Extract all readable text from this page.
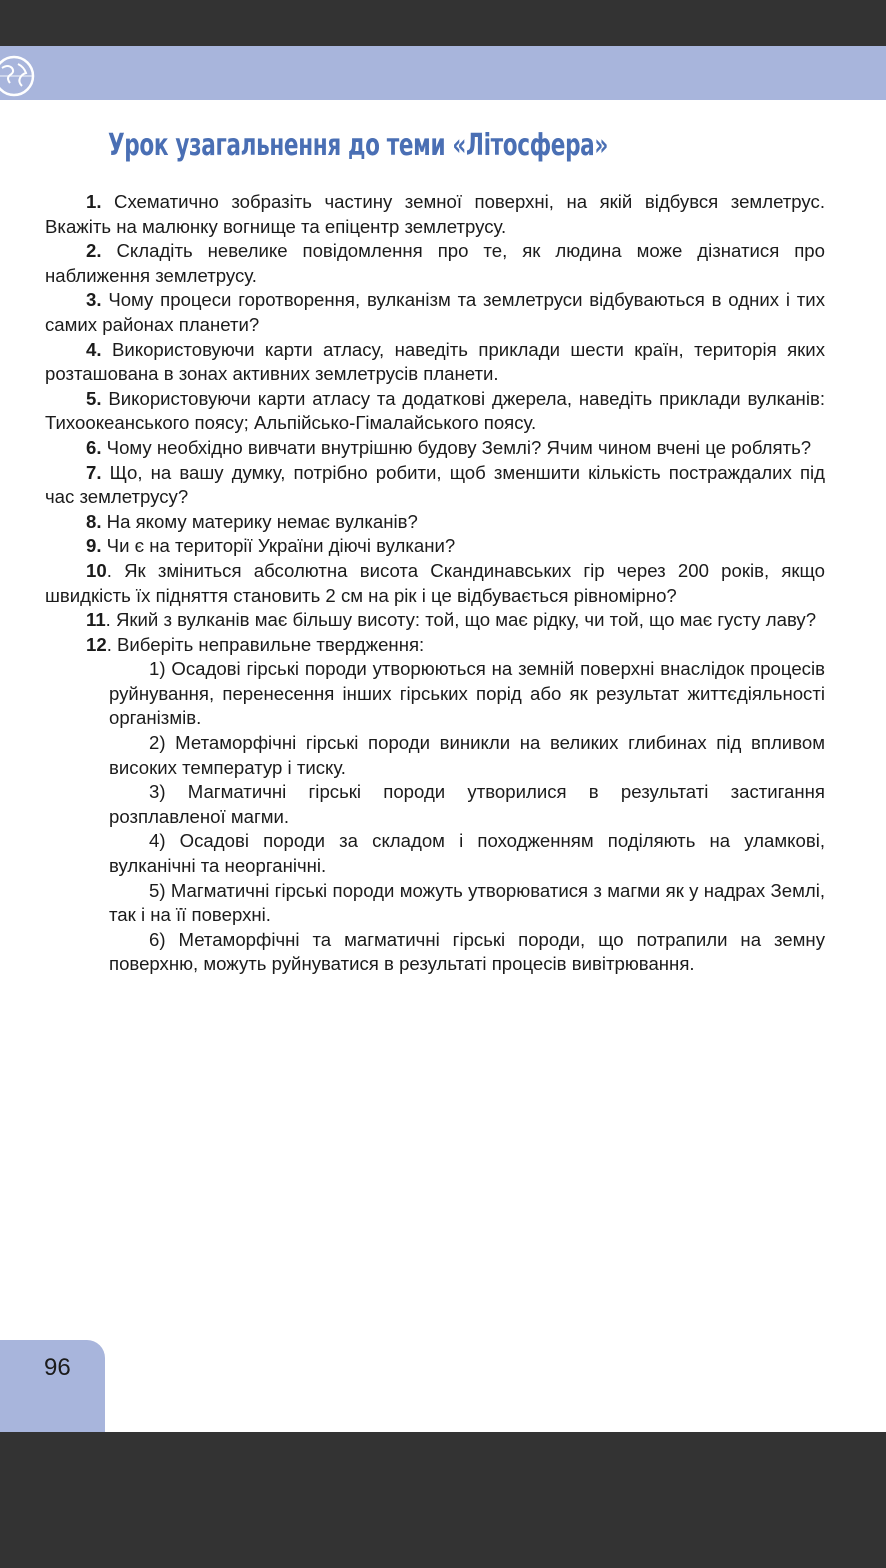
Урок узагальнення до теми «Літосфера»

1. Схематично зобразіть частину земної поверхні, на якій відбувся землетрус. Вкажіть на малюнку вогнище та епіцентр землетрусу.

2. Складіть невелике повідомлення про те, як людина може дізнатися про наближення землетрусу.

3. Чому процеси горотворення, вулканізм та землетруси відбуваються в одних і тих самих районах планети?

4. Використовуючи карти атласу, наведіть приклади шести країн, територія яких розташована в зонах активних землетрусів планети.

5. Використовуючи карти атласу та додаткові джерела, наведіть приклади вулканів: Тихоокеанського поясу; Альпійсько-Гімалайського поясу.

6. Чому необхідно вивчати внутрішню будову Землі? Ячим чином вчені це роблять?

7. Що, на вашу думку, потрібно робити, щоб зменшити кількість постраждалих під час землетрусу?

8. На якому материку немає вулканів?

9. Чи є на території України діючі вулкани?

10. Як зміниться абсолютна висота Скандинавських гір через 200 років, якщо швидкість їх підняття становить 2 см на рік і це відбувається рівномірно?

11. Який з вулканів має більшу висоту: той, що має рідку, чи той, що має густу лаву?

12. Виберіть неправильне твердження:

1) Осадові гірські породи утворюються на земній поверхні внаслідок процесів руйнування, перенесення інших гірських порід або як результат життєдіяльності організмів.

2) Метаморфічні гірські породи виникли на великих глибинах під впливом високих температур і тиску.

3) Магматичні гірські породи утворилися в результаті застигання розплавленої магми.

4) Осадові породи за складом і походженням поділяють на уламкові, вулканічні та неорганічні.

5) Магматичні гірські породи можуть утворюватися з магми як у надрах Землі, так і на її поверхні.

6) Метаморфічні та магматичні гірські породи, що потрапили на земну поверхню, можуть руйнуватися в результаті процесів вивітрювання.

96
